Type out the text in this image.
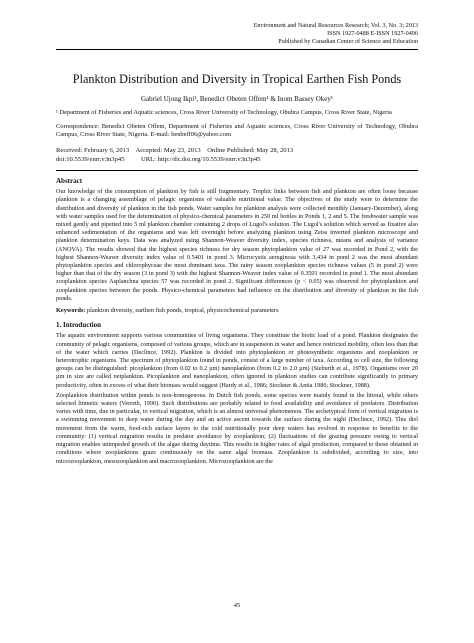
Environment and Natural Resources Research; Vol. 3, No. 3; 2013
ISSN 1927-0488 E-ISSN 1927-0496
Published by Canadian Center of Science and Education
Plankton Distribution and Diversity in Tropical Earthen Fish Ponds
Gabriel Ujong Ikpi¹, Benedict Obeten Offem¹ & Inom Bassey Okey¹
¹ Department of Fisheries and Aquatic sciences, Cross River University of Technology, Obubra Campus, Cross River State, Nigeria
Correspondence: Benedict Obeten Offem, Department of Fisheries and Aquatic sciences, Cross River University of Technology, Obubra Campus, Cross River State, Nigeria. E-mail: benbeff06@yahoo.com
Received: February 6, 2013 Accepted: May 23, 2013 Online Published: May 28, 2013
doi:10.5539/enrr.v3n3p45 URL: http://dx.doi.org/10.5539/enrr.v3n3p45
Abstract
Our knowledge of the consumption of plankton by fish is still fragmentary. Trophic links between fish and plankton are often loose because plankton is a changing assemblage of pelagic organisms of valuable nutritional value. The objectives of the study were to determine the distribution and diversity of plankton in the fish ponds. Water samples for plankton analysis were collected monthly (January-December), along with water samples used for the determination of physico-chemical parameters in 250 ml bottles in Ponds 1, 2 and 5. The freshwater sample was mixed gently and pipetted into 5 ml plankton chamber containing 2 drops of Lugol's solution. The Lugol's solution which served as fixative also enhanced sedimentation of the organisms and was left overnight before analyzing plankton using Zeiss inverted plankton microscope and plankton determination keys. Data was analyzed using Shannon-Weaver diversity index, species richness, means and analysis of variance (ANOVA). The results showed that the highest species richness for dry season phytoplankton value of 27 was recorded in Pond 2, with the highest Shannon-Weaver diversity index value of 0.5401 in pond 3. Microcystis aeruginosa with 3,434 in pond 2 was the most abundant phytoplankton species and chlorophyceae the most dominant taxa. The rainy season zooplankton species richness values (5 in pond 2) were higher than that of the dry season (3 in pond 3) with the highest Shannon-Weaver index value of 0.3501 recorded in pond 1. The most abundant zooplankton species Asplanchna species 57 was recorded in pond 2. Significant differences (p < 0.05) was observed for phytoplankton and zooplankton species between the ponds. Physico-chemical parameters had influence on the distribution and diversity of plankton in the fish ponds.
Keywords: plankton diversity, earthen fish ponds, tropical, physicochemical parameters
1. Introduction
The aquatic environment supports various communities of living organisms. They constitute the biotic load of a pond. Plankton designates the community of pelagic organisms, composed of various groups, which are in suspension in water and hence restricted mobility, often less than that of the water which carries (Declince, 1992). Plankton is divided into phytoplankton or photosynthetic organisms and zooplankton or heterotrophic organisms. The spectrum of phytoplankton found in ponds, consist of a large number of taxa. According to cell size, the following groups can be distinguished: picoplankton (from 0.02 to 0.2 µm) nanoplankton (from 0.2 to 2.0 µm) (Sieburth et al., 1978). Organisms over 20 µm in size are called netplankton. Picoplankton and nanoplankton, often ignored in plankton studies can contribute significantly to primary productivity, often in excess of what their biomass would suggest (Hardy et al., 1986; Stockner & Antia 1986; Stockner, 1988).
Zooplankton distribution within ponds is non-homogenous. In Dutch fish ponds, some species were mainly found in the littoral, while others selected limnetic waters (Verreth, 1990). Such distributions are probably related to food availability and avoidance of predators. Distribution varies with time, due in particular, to vertical migration, which is an almost universal phenomenon. The archetypical form of vertical migration is a swimming movement to deep water during the day and an active ascent towards the surface during the night (Declince, 1992). This diel movement from the warm, food-rich surface layers to the cold nutritionally poor deep waters has evolved in response to benefits to the community: (1) vertical migration results in predator avoidance by zooplankton; (2) fluctuations of the grazing pressure owing to vertical migration enables unimpeded growth of the algae during daytime. This results in higher rates of algal production, compared to those obtained in conditions where zooplanktons graze continuously on the same algal biomass. Zooplankton is subdivided, according to size, into microzooplankton, mesozooplankton and macrozooplankton. Microzooplankton are the
45
